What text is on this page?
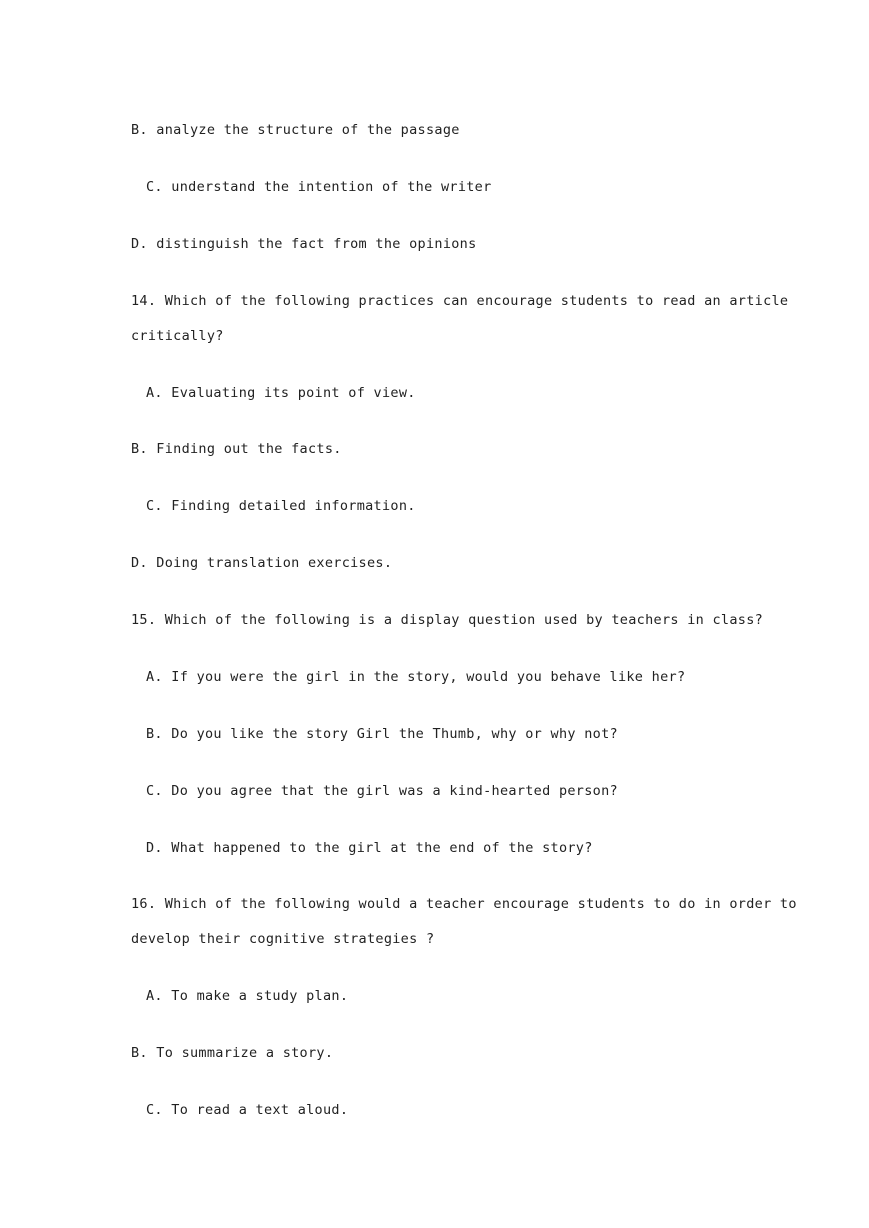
B. analyze the structure of the passage
C. understand the intention of the writer
D. distinguish the fact from the opinions
14. Which of the following practices can encourage students to read an article
critically?
A. Evaluating its point of view.
B. Finding out the facts.
C. Finding detailed information.
D. Doing translation exercises.
15. Which of the following is a display question used by teachers in class?
A. If you were the girl in the story, would you behave like her?
B. Do you like the story Girl the Thumb, why or why not?
C. Do you agree that the girl was a kind-hearted person?
D. What happened to the girl at the end of the story?
16. Which of the following would a teacher encourage students to do in order to
develop their cognitive strategies ?
A. To make a study plan.
B. To summarize a story.
C. To read a text aloud.
